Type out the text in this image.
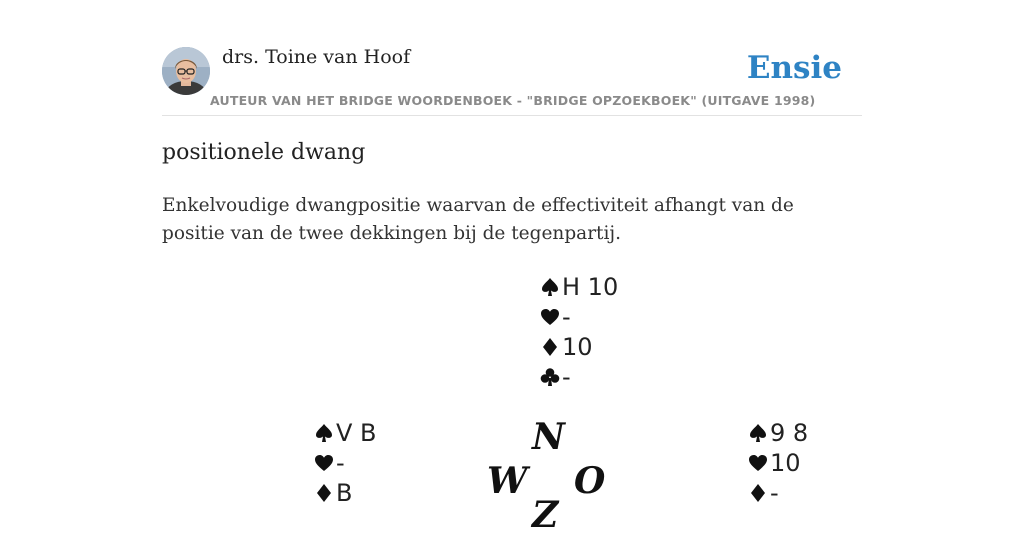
drs. Toine van Hoof
AUTEUR VAN HET BRIDGE WOORDENBOEK - "BRIDGE OPZOEKBOEK" (UITGAVE 1998)
Ensie
positionele dwang
Enkelvoudige dwangpositie waarvan de effectiviteit afhangt van de positie van de twee dekkingen bij de tegenpartij.
H 10
-
10
-
V B
-
B
N
W O
Z
9 8
10
-
